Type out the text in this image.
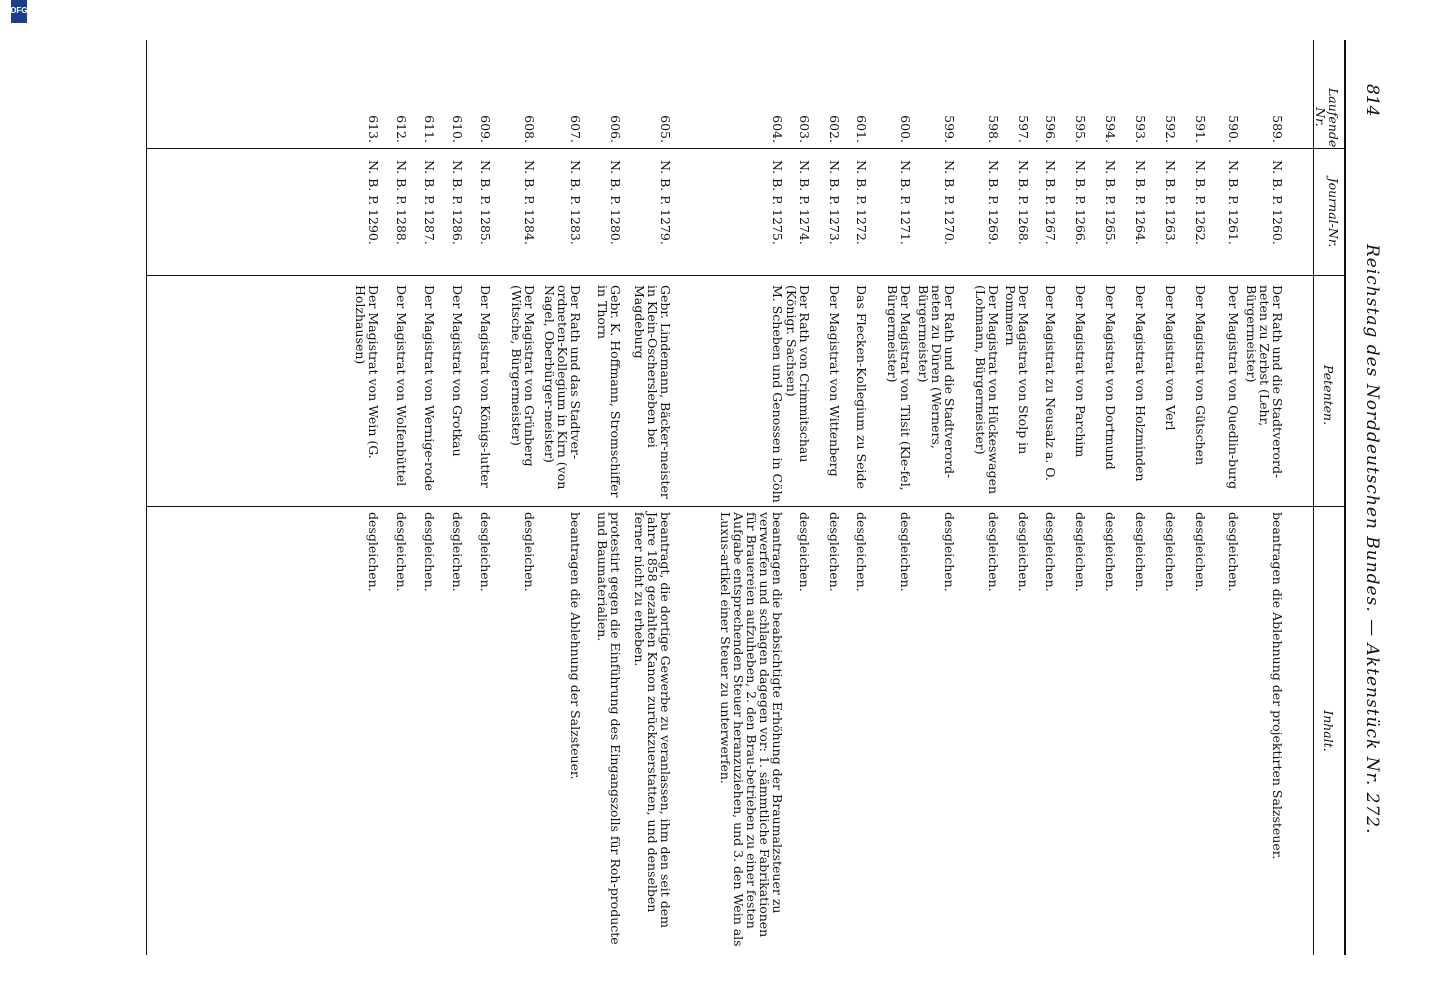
814
Reichstag des Norddeutschen Bundes. — Aktenstück Nr. 272.
Laufende Nr.
Journal-Nr.
Petenten.
Inhalt.
589.
N. B. P. 1260.
Der Rath und die Stadtverord-neten zu Zerbst (Lehr, Bürgermeister)
beantragen die Ablehnung der projektirten Salzsteuer.
590.
N. B. P. 1261.
Der Magistrat von Quedlin-burg
desgleichen.
591.
N. B. P. 1262.
Der Magistrat von Gütschen
desgleichen.
592.
N. B. P. 1263.
Der Magistrat von Verl
desgleichen.
593.
N. B. P. 1264.
Der Magistrat von Holzminden
desgleichen.
594.
N. B. P. 1265.
Der Magistrat von Dortmund
desgleichen.
595.
N. B. P. 1266.
Der Magistrat von Parchim
desgleichen.
596.
N. B. P. 1267.
Der Magistrat zu Neusalz a. O.
desgleichen.
597.
N. B. P. 1268.
Der Magistrat von Stolp in Pommern
desgleichen.
598.
N. B. P. 1269.
Der Magistrat von Hückeswagen (Lohmann, Bürgermeister)
desgleichen.
599.
N. B. P. 1270.
Der Rath und die Stadtverord-neten zu Düren (Werners, Bürgermeister)
desgleichen.
600.
N. B. P. 1271.
Der Magistrat von Tilsit (Kle-fel, Bürgermeister)
desgleichen.
601.
N. B. P. 1272.
Das Flecken-Kollegium zu Seide
desgleichen.
602.
N. B. P. 1273.
Der Magistrat von Wittenberg
desgleichen.
603.
N. B. P. 1274.
Der Rath von Crimmitschau (Königr. Sachsen)
desgleichen.
604.
N. B. P. 1275.
M. Scheben und Genossen in Cöln
beantragen die beabsichtigte Erhöhung der Braumalzsteuer zu verwerfen und schlagen dagegen vor: 1. sämmtliche Fabrikationen für Brauereien aufzuheben, 2. den Brau-betrieben zu einer festen Aufgabe entsprechenden Steuer heranzuziehen, und 3. den Wein als Luxus-artikel einer Steuer zu unterwerfen.
605.
N. B. P. 1279.
Gebr. Lindemann, Bäcker-meister in Klein-Oschersleben bei Magdeburg
beantragt, die dortige Gewerbe zu veranlassen, ihm den seit dem Jahre 1858 gezahlten Kanon zurückzuerstatten, und denselben ferner nicht zu erheben.
606.
N. B. P. 1280.
Gebr. K. Hoffmann, Stromschiffer in Thorn
protestirt gegen die Einführung des Eingangszolls für Roh-producte und Baumaterialien.
607.
N. B. P. 1283.
Der Rath und das Stadtver-ordneten-Kollegium in Kirn (von Nagel, Oberbürger-meister)
beantragen die Ablehnung der Salzsteuer.
608.
N. B. P. 1284.
Der Magistrat von Grünberg (Witsche, Bürgermeister)
desgleichen.
609.
N. B. P. 1285.
Der Magistrat von Königs-lutter
desgleichen.
610.
N. B. P. 1286.
Der Magistrat von Grotkau
desgleichen.
611.
N. B. P. 1287.
Der Magistrat von Wernige-rode
desgleichen.
612.
N. B. P. 1288.
Der Magistrat von Wolfenbüttel
desgleichen.
613.
N. B. P. 1290.
Der Magistrat von Wein (G. Holzhausen)
desgleichen.
DFG
